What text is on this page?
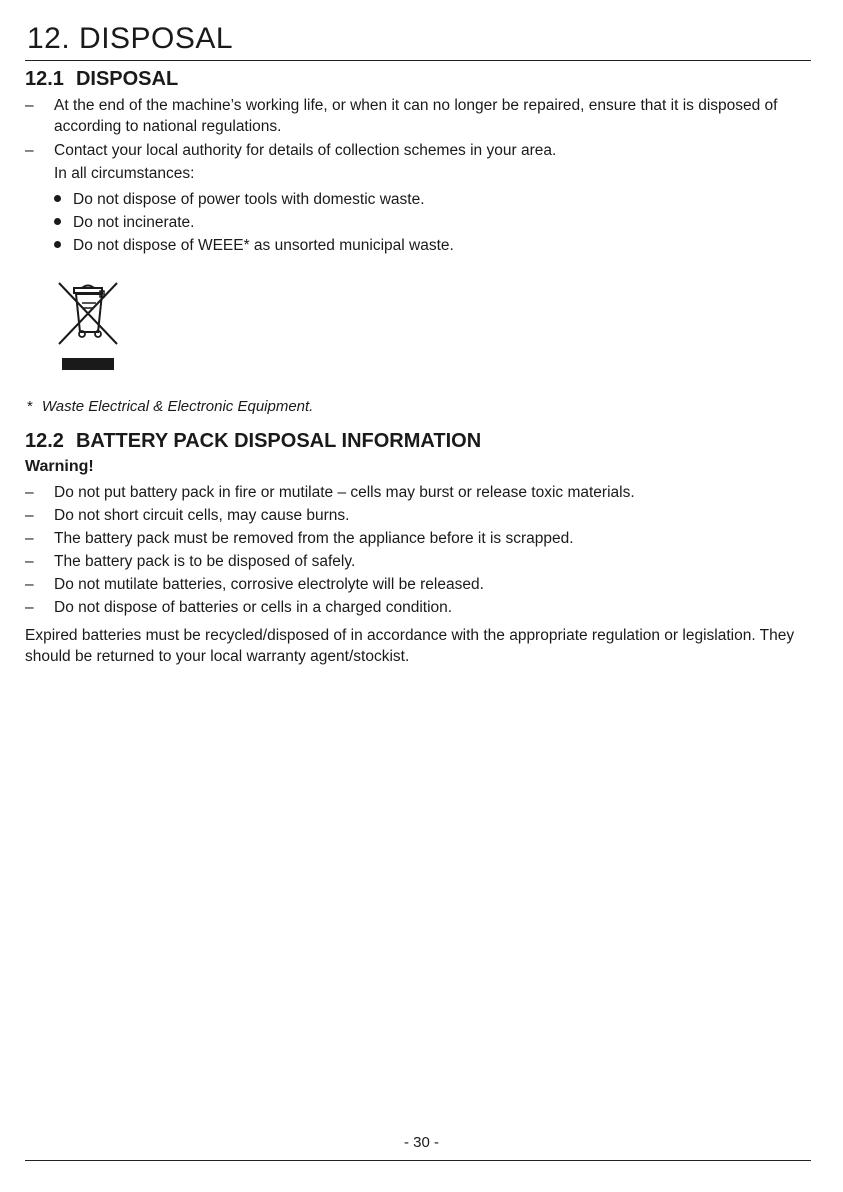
12. DISPOSAL
12.1 DISPOSAL
–	At the end of the machine’s working life, or when it can no longer be repaired, ensure that it is disposed of according to national regulations.
–	Contact your local authority for details of collection schemes in your area.
In all circumstances:
Do not dispose of power tools with domestic waste.
Do not incinerate.
Do not dispose of WEEE* as unsorted municipal waste.
* Waste Electrical & Electronic Equipment.
12.2 BATTERY PACK DISPOSAL INFORMATION
Warning!
–	Do not put battery pack in fire or mutilate – cells may burst or release toxic materials.
–	Do not short circuit cells, may cause burns.
–	The battery pack must be removed from the appliance before it is scrapped.
–	The battery pack is to be disposed of safely.
–	Do not mutilate batteries, corrosive electrolyte will be released.
–	Do not dispose of batteries or cells in a charged condition.

Expired batteries must be recycled/disposed of in accordance with the appropriate regulation or legislation. They should be returned to your local warranty agent/stockist.

- 30 -
